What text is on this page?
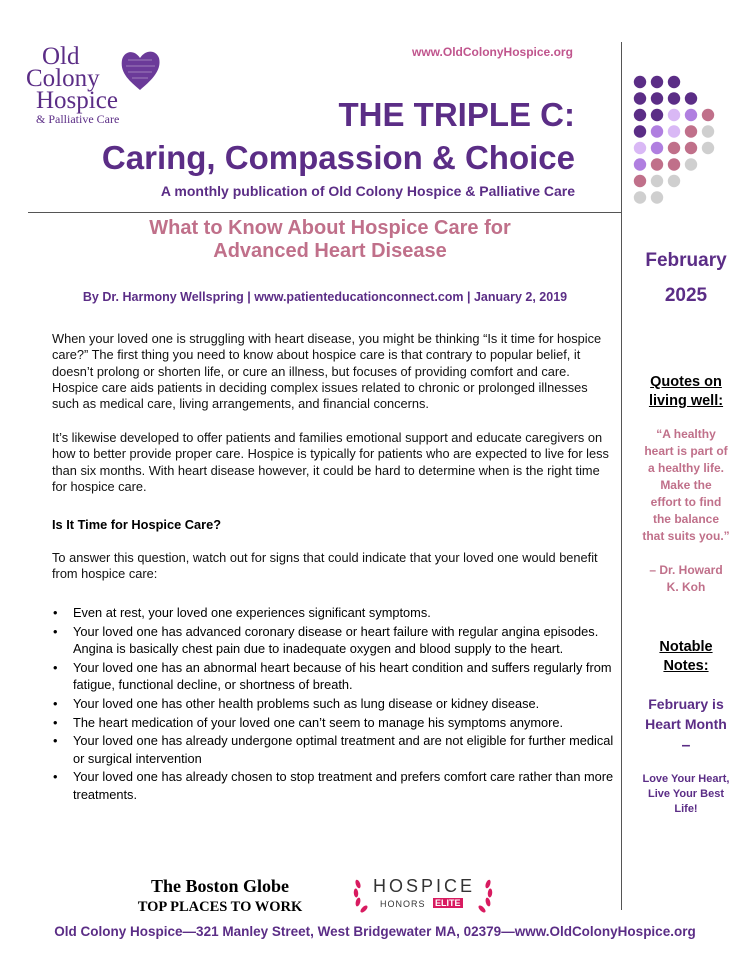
Old
Colony
Hospice
& Palliative Care
www.OldColonyHospice.org
THE TRIPLE C:
Caring, Compassion & Choice
A monthly publication of Old Colony Hospice & Palliative Care
What to Know About Hospice Care for
Advanced Heart Disease
By Dr. Harmony Wellspring | www.patienteducationconnect.com | January 2, 2019
When your loved one is struggling with heart disease, you might be thinking “Is it time for hospice care?” The first thing you need to know about hospice care is that contrary to popular belief, it doesn’t prolong or shorten life, or cure an illness, but focuses of providing comfort and care. Hospice care aids patients in deciding complex issues related to chronic or prolonged illnesses such as medical care, living arrangements, and financial concerns.
It’s likewise developed to offer patients and families emotional support and educate caregivers on how to better provide proper care. Hospice is typically for patients who are expected to live for less than six months. With heart disease however, it could be hard to determine when is the right time for hospice care.
Is It Time for Hospice Care?
To answer this question, watch out for signs that could indicate that your loved one would benefit from hospice care:
• Even at rest, your loved one experiences significant symptoms.
• Your loved one has advanced coronary disease or heart failure with regular angina episodes. Angina is basically chest pain due to inadequate oxygen and blood supply to the heart.
• Your loved one has an abnormal heart because of his heart condition and suffers regularly from fatigue, functional decline, or shortness of breath.
• Your loved one has other health problems such as lung disease or kidney disease.
• The heart medication of your loved one can’t seem to manage his symptoms anymore.
• Your loved one has already undergone optimal treatment and are not eligible for further medical or surgical intervention
• Your loved one has already chosen to stop treatment and prefers comfort care rather than more treatments.
February
2025
Quotes on
living well:
“A healthy
heart is part of
a healthy life.
Make the
effort to find
the balance
that suits you.”
– Dr. Howard
K. Koh
Notable
Notes:
February is
Heart Month
–
Love Your Heart,
Live Your Best
Life!
The Boston Globe
TOP PLACES TO WORK
HOSPICE
HONORS ELITE
Old Colony Hospice—321 Manley Street, West Bridgewater MA, 02379—www.OldColonyHospice.org
